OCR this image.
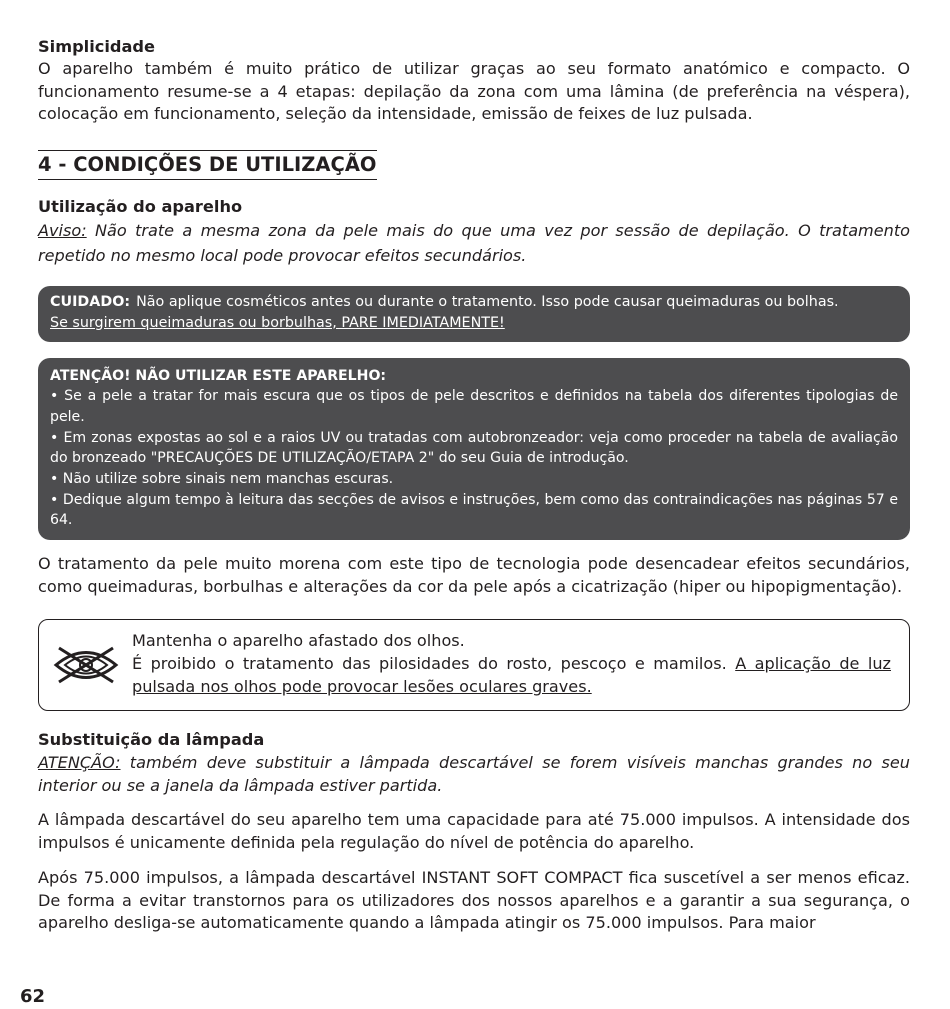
Simplicidade

O aparelho também é muito prático de utilizar graças ao seu formato anatómico e compacto. O funcionamento resume-se a 4 etapas: depilação da zona com uma lâmina (de preferência na véspera), colocação em funcionamento, seleção da intensidade, emissão de feixes de luz pulsada.

4 - CONDIÇÕES DE UTILIZAÇÃO

Utilização do aparelho

Aviso: Não trate a mesma zona da pele mais do que uma vez por sessão de depilação. O tratamento repetido no mesmo local pode provocar efeitos secundários.

CUIDADO: Não aplique cosméticos antes ou durante o tratamento. Isso pode causar queimaduras ou bolhas.
Se surgirem queimaduras ou borbulhas, PARE IMEDIATAMENTE!
ATENÇÃO! NÃO UTILIZAR ESTE APARELHO:
• Se a pele a tratar for mais escura que os tipos de pele descritos e definidos na tabela dos diferentes tipologias de pele.
• Em zonas expostas ao sol e a raios UV ou tratadas com autobronzeador: veja como proceder na tabela de avaliação do bronzeado "PRECAUÇÕES DE UTILIZAÇÃO/ETAPA 2" do seu Guia de introdução.
• Não utilize sobre sinais nem manchas escuras.
• Dedique algum tempo à leitura das secções de avisos e instruções, bem como das contraindicações nas páginas 57 e 64.

O tratamento da pele muito morena com este tipo de tecnologia pode desencadear efeitos secundários, como queimaduras, borbulhas e alterações da cor da pele após a cicatrização (hiper ou hipopigmentação).

Mantenha o aparelho afastado dos olhos.
É proibido o tratamento das pilosidades do rosto, pescoço e mamilos. A aplicação de luz pulsada nos olhos pode provocar lesões oculares graves.

Substituição da lâmpada

ATENÇÃO: também deve substituir a lâmpada descartável se forem visíveis manchas grandes no seu interior ou se a janela da lâmpada estiver partida.

A lâmpada descartável do seu aparelho tem uma capacidade para até 75.000 impulsos. A intensidade dos impulsos é unicamente definida pela regulação do nível de potência do aparelho.

Após 75.000 impulsos, a lâmpada descartável INSTANT SOFT COMPACT fica suscetível a ser menos eficaz. De forma a evitar transtornos para os utilizadores dos nossos aparelhos e a garantir a sua segurança, o aparelho desliga-se automaticamente quando a lâmpada atingir os 75.000 impulsos. Para maior

62
